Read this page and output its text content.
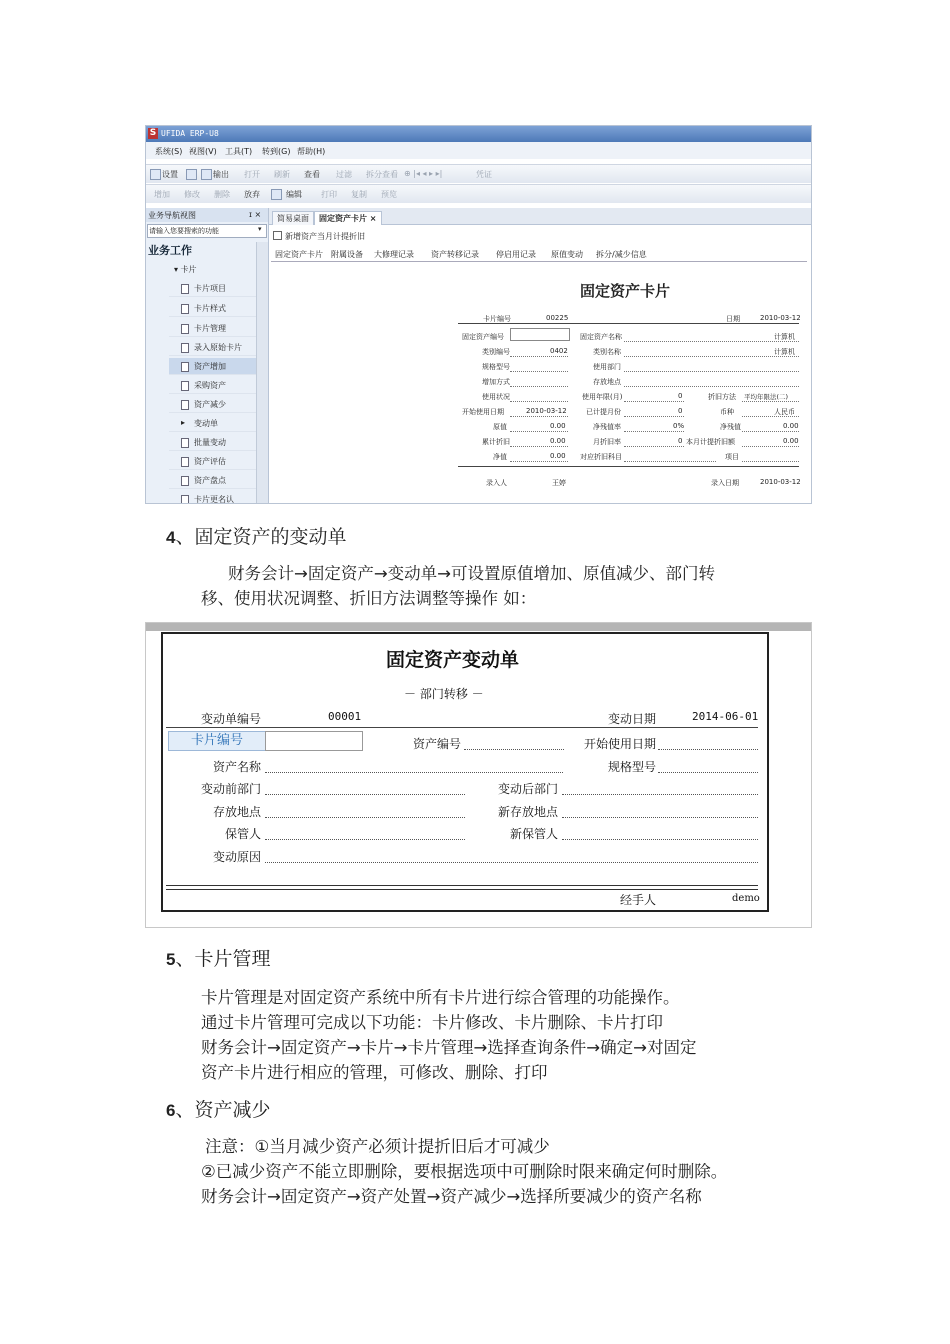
S UFIDA ERP-U8
系统(S) 视图(V) 工具(T) 转到(G) 帮助(H)
设置	输出 打开 刷新 查看 过滤 拆分查看 ⊕ |◂ ◂ ▸ ▸|	凭证
增加 修改 删除 放弃	编辑 打印 复制 预览
业务导航视图	ɪ ×
请输入您要搜索的功能	▾
业务工作
▾ 卡片
卡片项目
卡片样式
卡片管理
录入原始卡片
资产增加
采购资产
资产减少
▸ 变动单
批量变动
资产评估
资产盘点
卡片更名认
简易桌面	固定资产卡片 ×
新增资产当月计提折旧
固定资产卡片 附属设备 大修理记录 资产转移记录 停启用记录 原值变动 拆分/减少信息
固定资产卡片
卡片编号	00225	日期	2010-03-12
固定资产编号	固定资产名称	计算机
类别编号	0402	类别名称	计算机
规格型号	使用部门
增加方式	存放地点
使用状况	使用年限(月)	0	折旧方法 平均年限法(二)
开始使用日期	2010-03-12	已计提月份	0	币种	人民币
原值	0.00	净残值率	0%	净残值	0.00
累计折旧	0.00	月折旧率	0 本月计提折旧额	0.00
净值	0.00 对应折旧科目	项目
录入人	王婷	录入日期	2010-03-12
4、固定资产的变动单
财务会计→固定资产→变动单→可设置原值增加、原值减少、部门转
移、使用状况调整、折旧方法调整等操作 如：
固定资产变动单
－ 部门转移 －
变动单编号	00001	变动日期	2014-06-01
卡片编号	资产编号	开始使用日期
资产名称	规格型号
变动前部门	变动后部门
存放地点	新存放地点
保管人	新保管人
变动原因
经手人	demo
5、卡片管理
卡片管理是对固定资产系统中所有卡片进行综合管理的功能操作。
通过卡片管理可完成以下功能：卡片修改、卡片删除、卡片打印
财务会计→固定资产→卡片→卡片管理→选择查询条件→确定→对固定
资产卡片进行相应的管理，可修改、删除、打印
6、资产减少
注意：①当月减少资产必须计提折旧后才可减少
②已减少资产不能立即删除，要根据选项中可删除时限来确定何时删除。
财务会计→固定资产→资产处置→资产减少→选择所要减少的资产名称
